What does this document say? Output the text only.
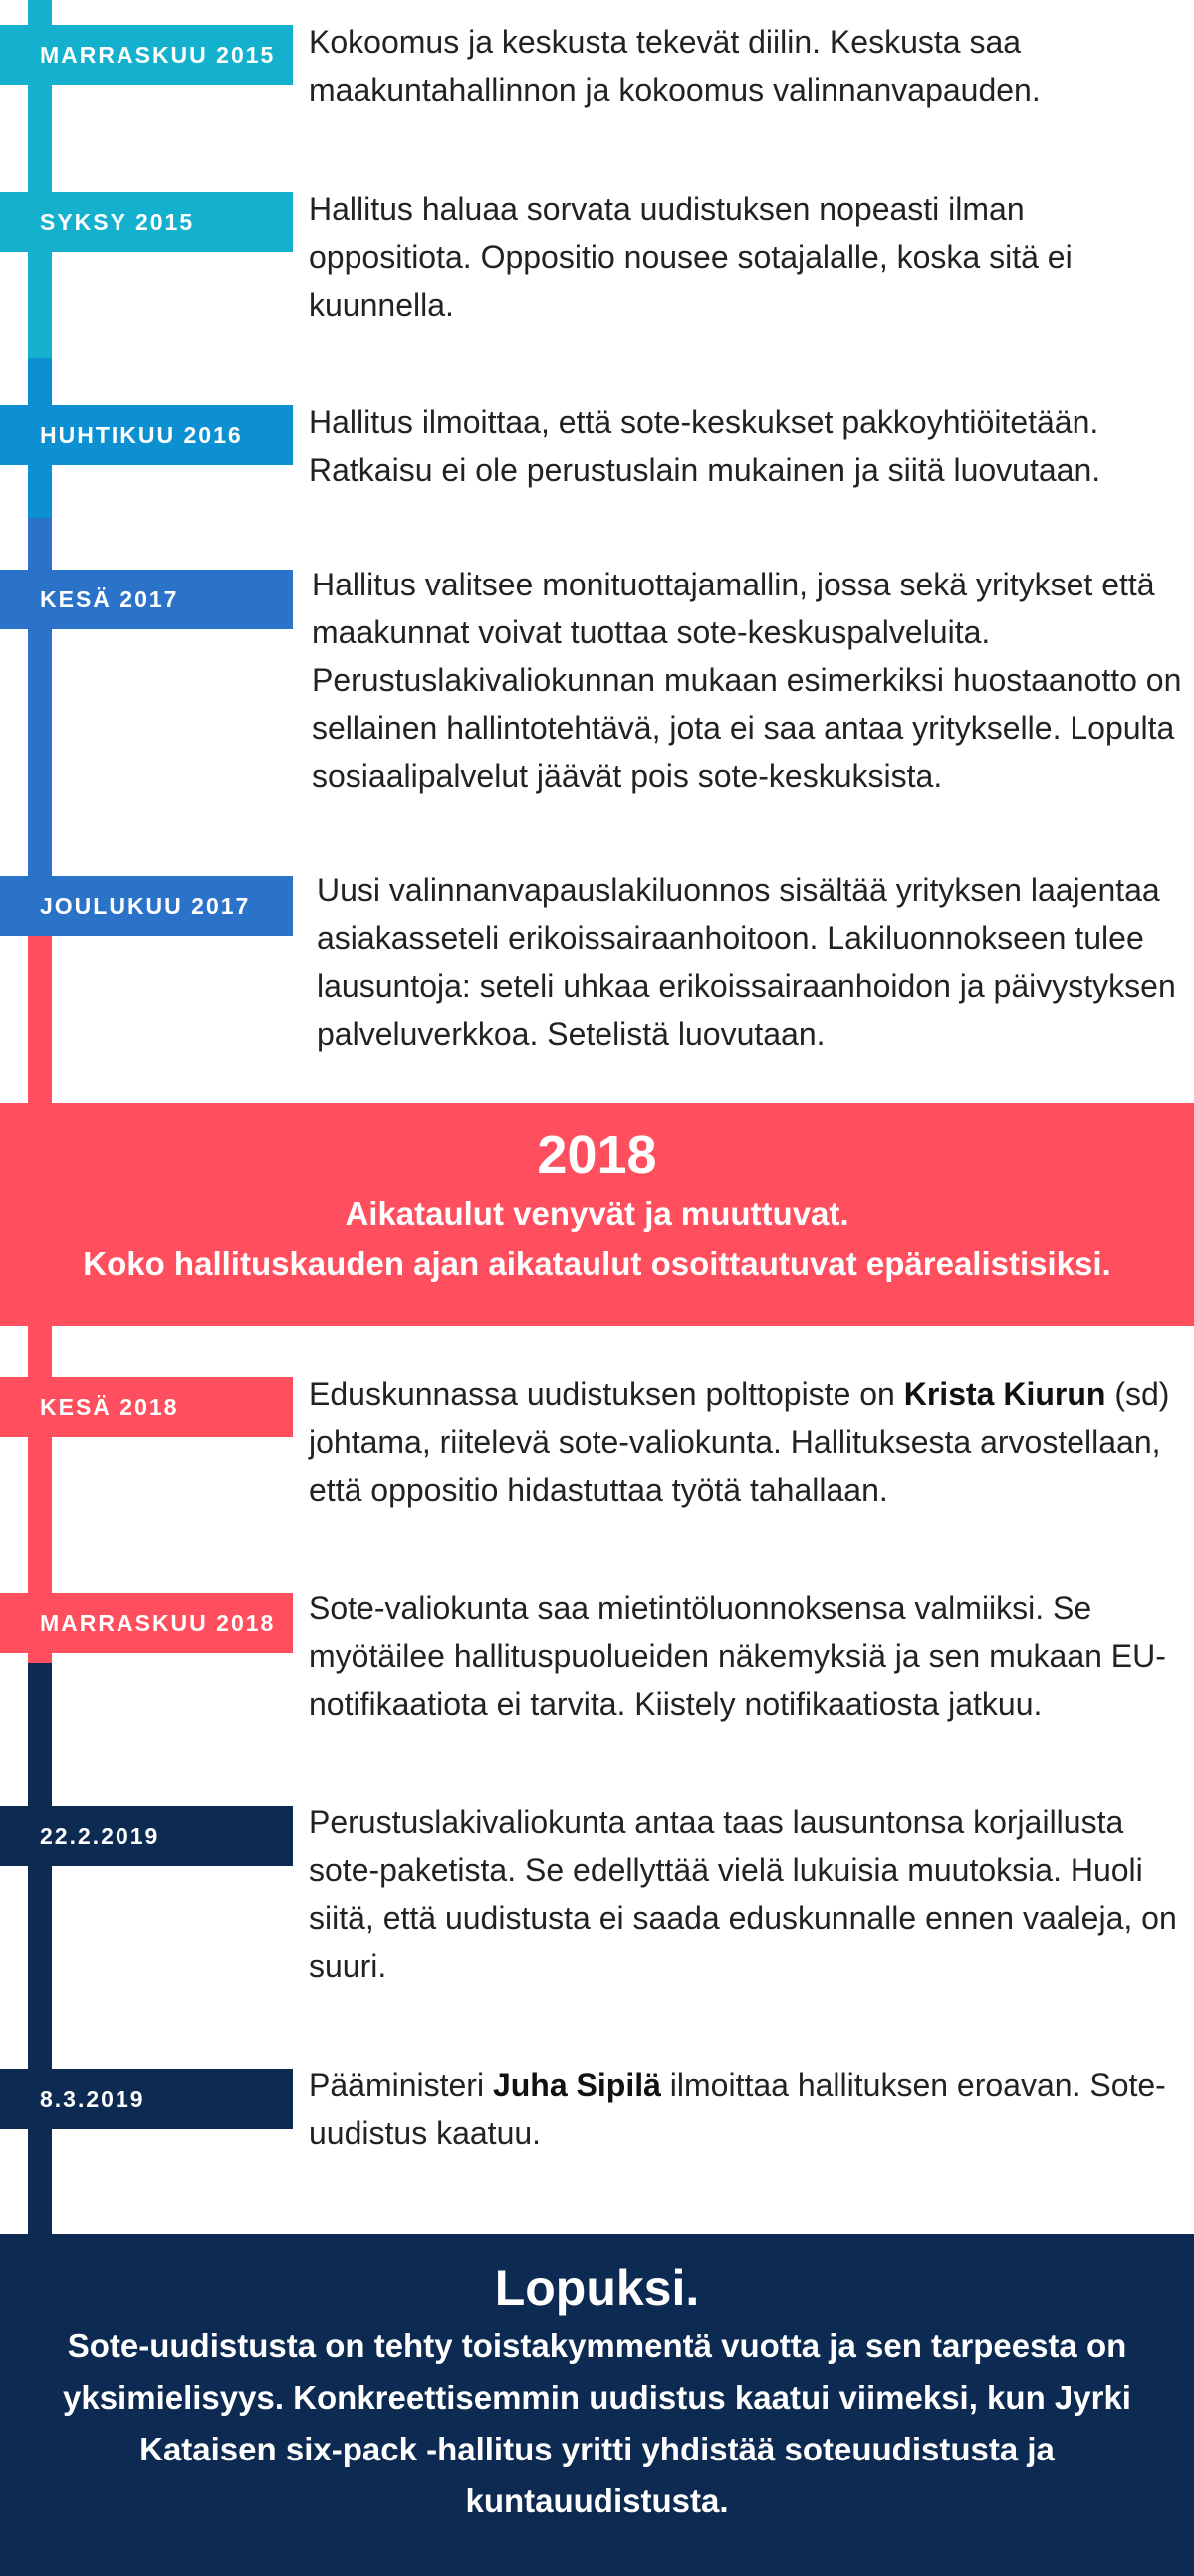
MARRASKUU 2015	Kokoomus ja keskusta tekevät diilin. Keskusta saa maakuntahallinnon ja kokoomus valinnanvapauden.
SYKSY 2015	Hallitus haluaa sorvata uudistuksen nopeasti ilman oppositiota. Oppositio nousee sotajalalle, koska sitä ei kuunnella.
HUHTIKUU 2016	Hallitus ilmoittaa, että sote-keskukset pakkoyhtiöitetään. Ratkaisu ei ole perustuslain mukainen ja siitä luovutaan.
KESÄ 2017	Hallitus valitsee monituottajamallin, jossa sekä yritykset että maakunnat voivat tuottaa sote-keskuspalveluita. Perustuslakivaliokunnan mukaan esimerkiksi huostaanotto on sellainen hallintotehtävä, jota ei saa antaa yritykselle. Lopulta sosiaalipalvelut jäävät pois sote-keskuksista.
JOULUKUU 2017	Uusi valinnanvapauslakiluonnos sisältää yrityksen laajentaa asiakasseteli erikoissairaanhoitoon. Lakiluonnokseen tulee lausuntoja: seteli uhkaa erikoissairaanhoidon ja päivystyksen palveluverkkoa. Setelistä luovutaan.
2018
Aikataulut venyvät ja muuttuvat.
Koko hallituskauden ajan aikataulut osoittautuvat epärealistisiksi.
KESÄ 2018	Eduskunnassa uudistuksen polttopiste on Krista Kiurun (sd) johtama, riitelevä sote-valiokunta. Hallituksesta arvostellaan, että oppositio hidastuttaa työtä tahallaan.
MARRASKUU 2018	Sote-valiokunta saa mietintöluonnoksensa valmiiksi. Se myötäilee hallituspuolueiden näkemyksiä ja sen mukaan EU-notifikaatiota ei tarvita. Kiistely notifikaatiosta jatkuu.
22.2.2019	Perustuslakivaliokunta antaa taas lausuntonsa korjaillusta sote-paketista. Se edellyttää vielä lukuisia muutoksia. Huoli siitä, että uudistusta ei saada eduskunnalle ennen vaaleja, on suuri.
8.3.2019	Pääministeri Juha Sipilä ilmoittaa hallituksen eroavan. Sote-uudistus kaatuu.
Lopuksi.
Sote-uudistusta on tehty toistakymmentä vuotta ja sen tarpeesta on yksimielisyys. Konkreettisemmin uudistus kaatui viimeksi, kun Jyrki Kataisen six-pack -hallitus yritti yhdistää soteuudistusta ja kuntauudistusta.
